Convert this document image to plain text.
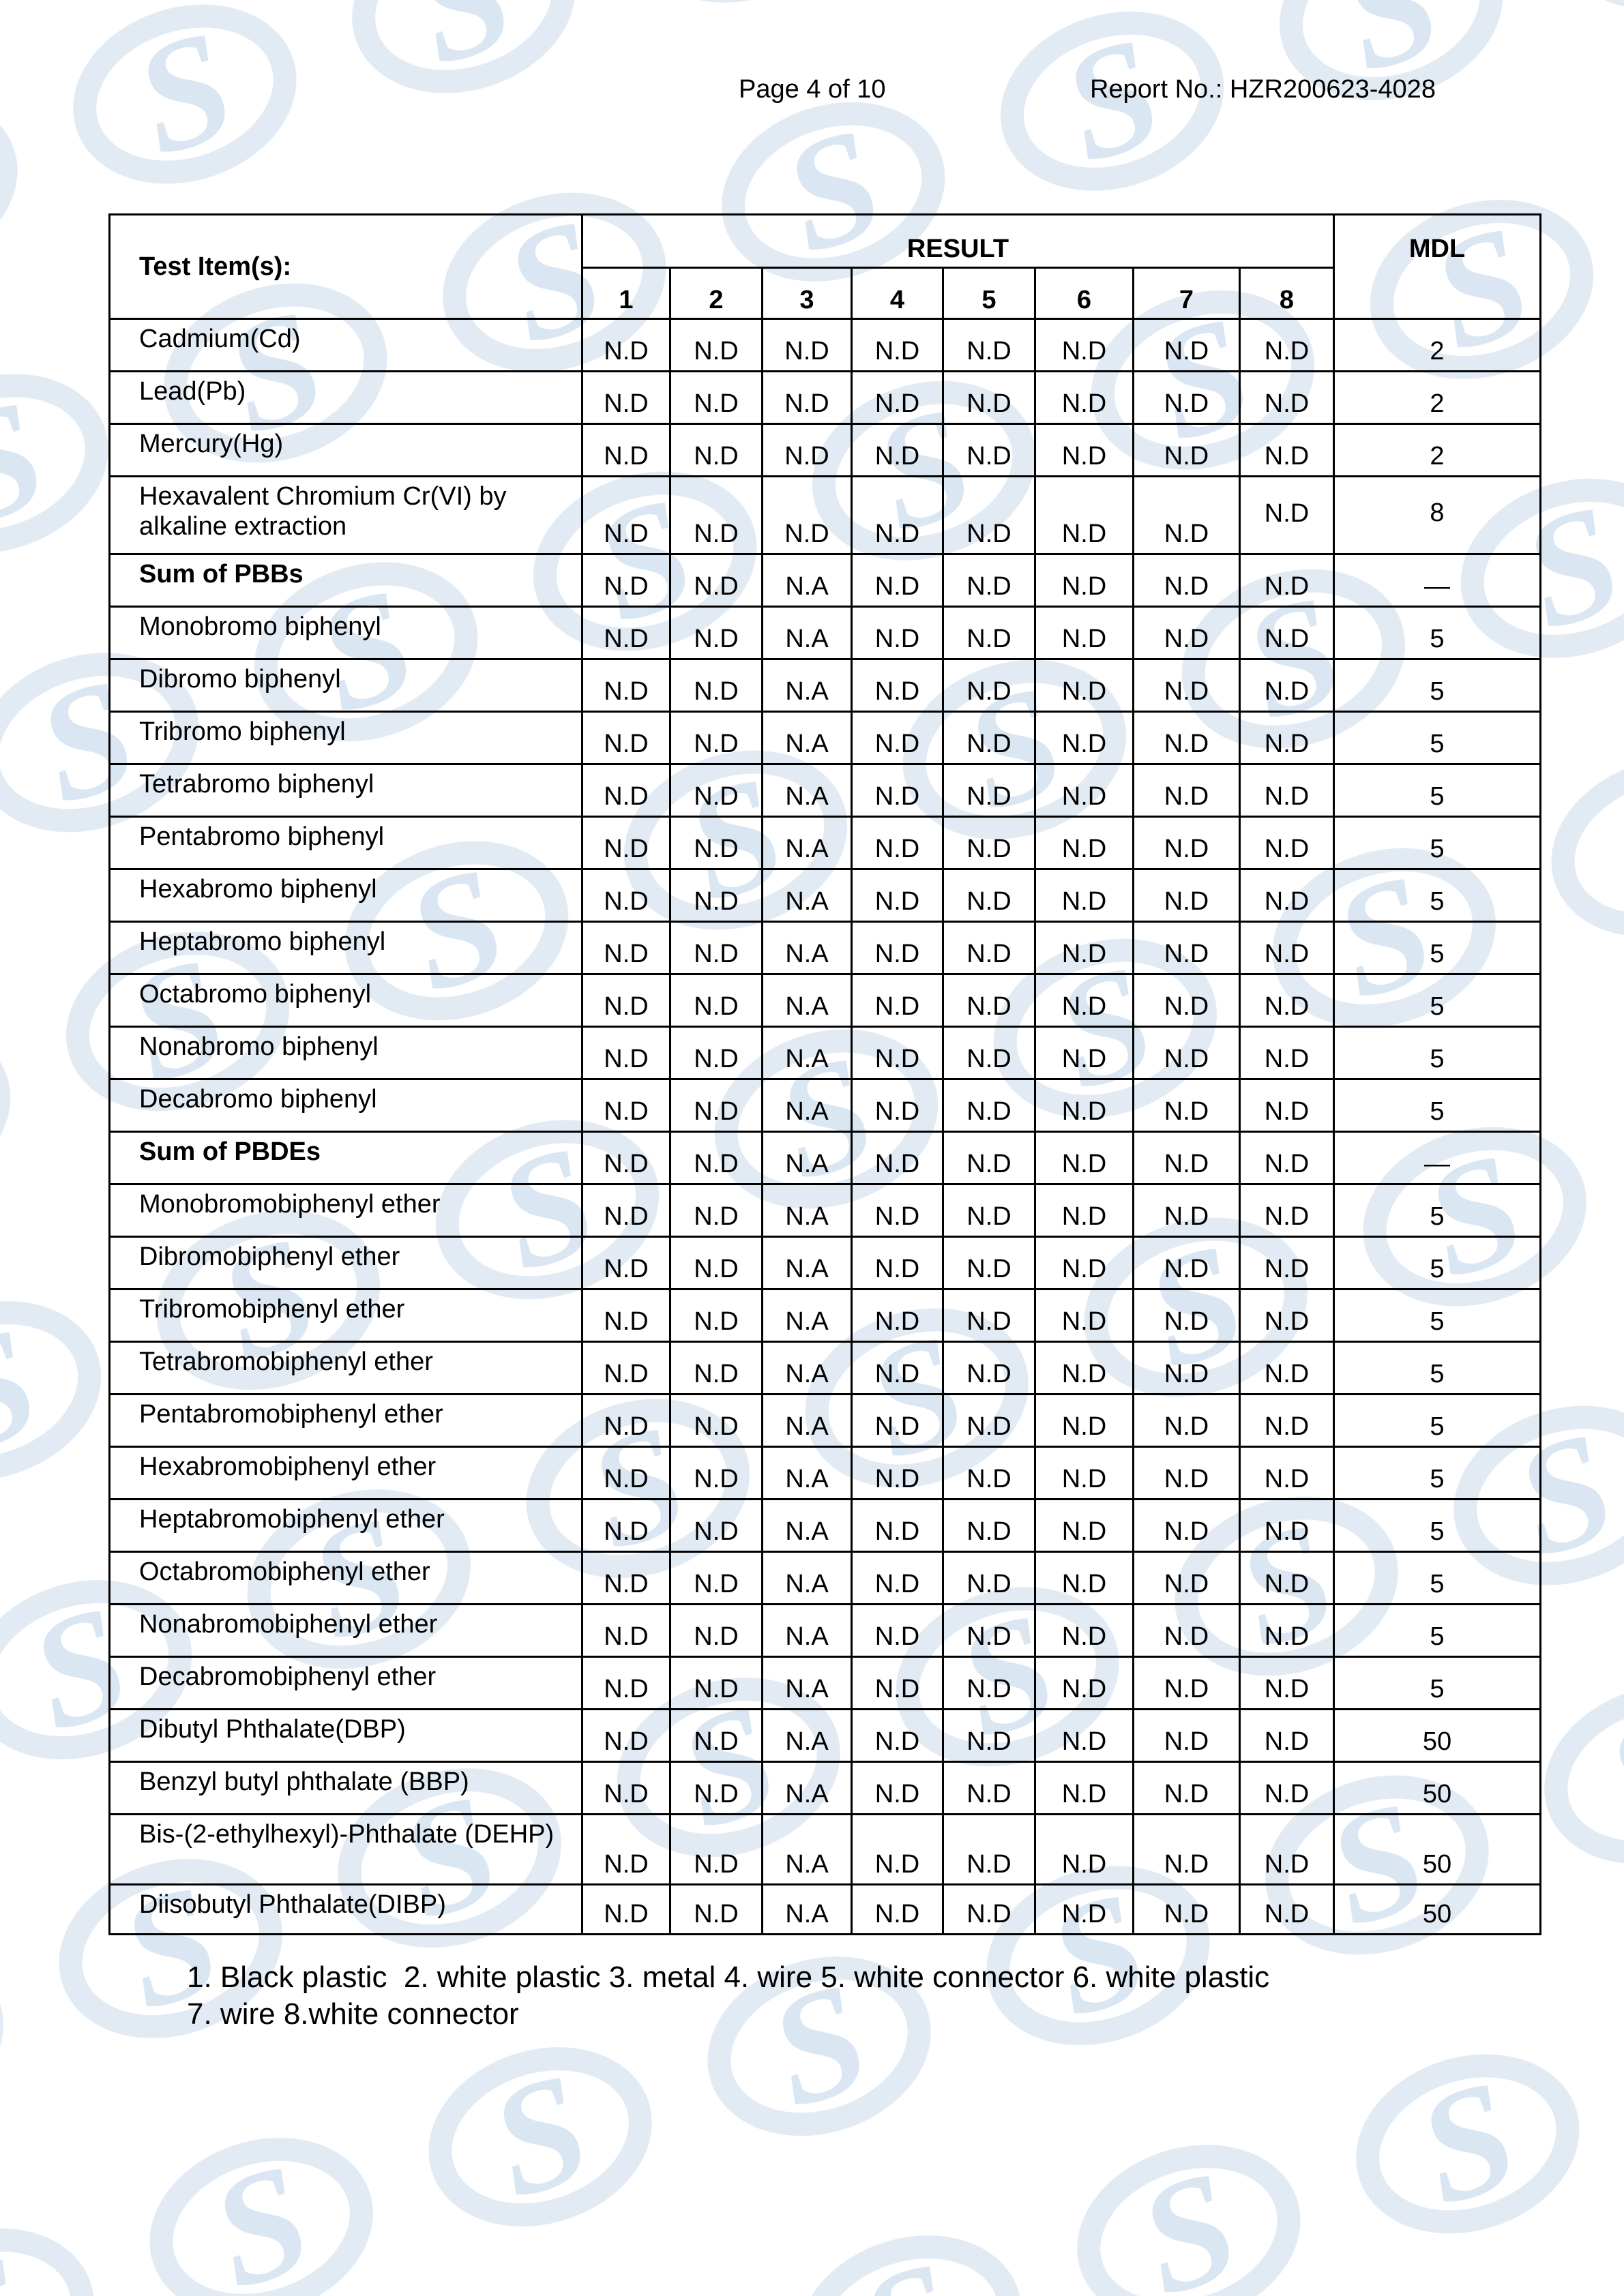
Page 4 of 10	Report No.: HZR200623-4028
Test Item(s):	RESULT								MDL
	1	2	3	4	5	6	7	8	
Cadmium(Cd)	N.D	N.D	N.D	N.D	N.D	N.D	N.D	N.D	2
Lead(Pb)	N.D	N.D	N.D	N.D	N.D	N.D	N.D	N.D	2
Mercury(Hg)	N.D	N.D	N.D	N.D	N.D	N.D	N.D	N.D	2
Hexavalent Chromium Cr(VI) by alkaline extraction	N.D	N.D	N.D	N.D	N.D	N.D	N.D	N.D	8
Sum of PBBs	N.D	N.D	N.A	N.D	N.D	N.D	N.D	N.D	—
Monobromo biphenyl	N.D	N.D	N.A	N.D	N.D	N.D	N.D	N.D	5
Dibromo biphenyl	N.D	N.D	N.A	N.D	N.D	N.D	N.D	N.D	5
Tribromo biphenyl	N.D	N.D	N.A	N.D	N.D	N.D	N.D	N.D	5
Tetrabromo biphenyl	N.D	N.D	N.A	N.D	N.D	N.D	N.D	N.D	5
Pentabromo biphenyl	N.D	N.D	N.A	N.D	N.D	N.D	N.D	N.D	5
Hexabromo biphenyl	N.D	N.D	N.A	N.D	N.D	N.D	N.D	N.D	5
Heptabromo biphenyl	N.D	N.D	N.A	N.D	N.D	N.D	N.D	N.D	5
Octabromo biphenyl	N.D	N.D	N.A	N.D	N.D	N.D	N.D	N.D	5
Nonabromo biphenyl	N.D	N.D	N.A	N.D	N.D	N.D	N.D	N.D	5
Decabromo biphenyl	N.D	N.D	N.A	N.D	N.D	N.D	N.D	N.D	5
Sum of PBDEs	N.D	N.D	N.A	N.D	N.D	N.D	N.D	N.D	—
Monobromobiphenyl ether	N.D	N.D	N.A	N.D	N.D	N.D	N.D	N.D	5
Dibromobiphenyl ether	N.D	N.D	N.A	N.D	N.D	N.D	N.D	N.D	5
Tribromobiphenyl ether	N.D	N.D	N.A	N.D	N.D	N.D	N.D	N.D	5
Tetrabromobiphenyl ether	N.D	N.D	N.A	N.D	N.D	N.D	N.D	N.D	5
Pentabromobiphenyl ether	N.D	N.D	N.A	N.D	N.D	N.D	N.D	N.D	5
Hexabromobiphenyl ether	N.D	N.D	N.A	N.D	N.D	N.D	N.D	N.D	5
Heptabromobiphenyl ether	N.D	N.D	N.A	N.D	N.D	N.D	N.D	N.D	5
Octabromobiphenyl ether	N.D	N.D	N.A	N.D	N.D	N.D	N.D	N.D	5
Nonabromobiphenyl ether	N.D	N.D	N.A	N.D	N.D	N.D	N.D	N.D	5
Decabromobiphenyl ether	N.D	N.D	N.A	N.D	N.D	N.D	N.D	N.D	5
Dibutyl Phthalate(DBP)	N.D	N.D	N.A	N.D	N.D	N.D	N.D	N.D	50
Benzyl butyl phthalate (BBP)	N.D	N.D	N.A	N.D	N.D	N.D	N.D	N.D	50
Bis-(2-ethylhexyl)-Phthalate (DEHP)	N.D	N.D	N.A	N.D	N.D	N.D	N.D	N.D	50
Diisobutyl Phthalate(DIBP)	N.D	N.D	N.A	N.D	N.D	N.D	N.D	N.D	50
1. Black plastic  2. white plastic 3. metal 4. wire 5. white connector 6. white plastic
7. wire 8.white connector
